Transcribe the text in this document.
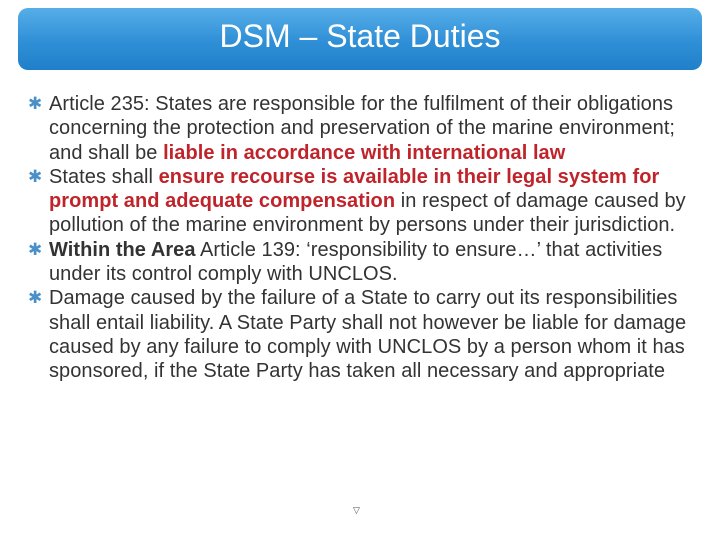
DSM – State Duties

✱ Article 235: States are responsible for the fulfilment of their obligations concerning the protection and preservation of the marine environment; and shall be liable in accordance with international law

✱ States shall ensure recourse is available in their legal system for prompt and adequate compensation in respect of damage caused by pollution of the marine environment by persons under their jurisdiction.

✱ Within the Area Article 139: ‘responsibility to ensure…’ that activities under its control comply with UNCLOS.

✱ Damage caused by the failure of a State to carry out its responsibilities shall entail liability. A State Party shall not however be liable for damage caused by any failure to comply with UNCLOS by a person whom it has sponsored, if the State Party has taken all necessary and appropriate

▽
